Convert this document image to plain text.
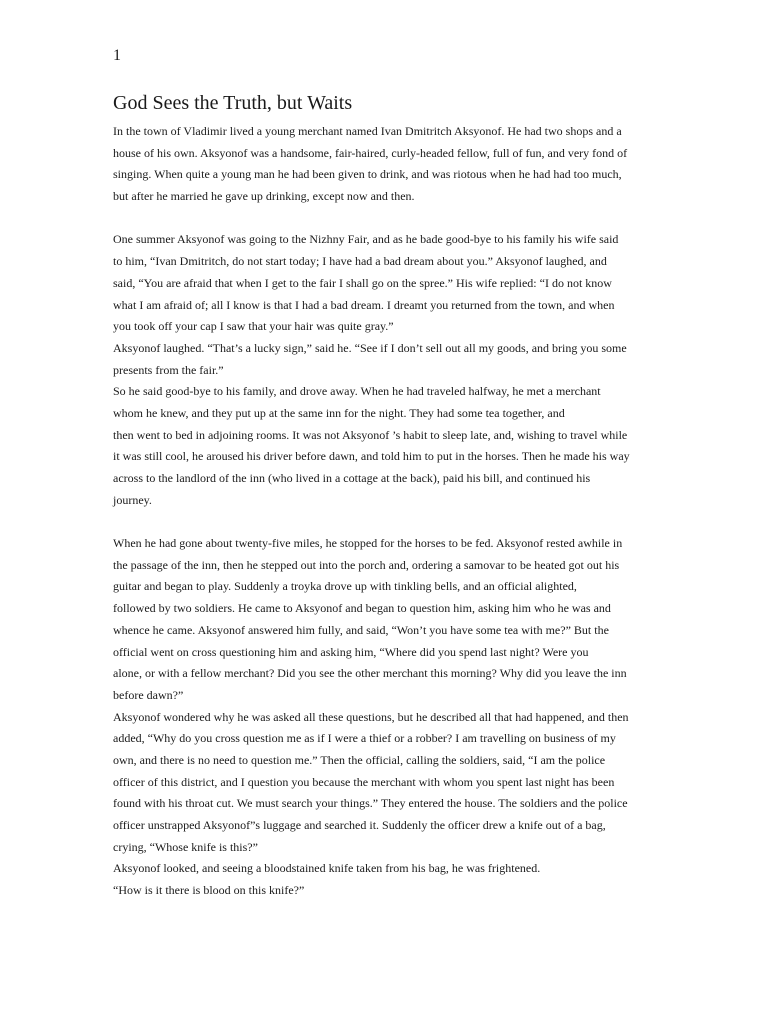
1
God Sees the Truth, but Waits
In the town of Vladimir lived a young merchant named Ivan Dmitritch Aksyonof. He had two shops and a
house of his own. Aksyonof was a handsome, fair-haired, curly-headed fellow, full of fun, and very fond of
singing. When quite a young man he had been given to drink, and was riotous when he had had too much,
but after he married he gave up drinking, except now and then.
One summer Aksyonof was going to the Nizhny Fair, and as he bade good-bye to his family his wife said
to him, “Ivan Dmitritch, do not start today; I have had a bad dream about you.” Aksyonof laughed, and
said, “You are afraid that when I get to the fair I shall go on the spree.” His wife replied: “I do not know
what I am afraid of; all I know is that I had a bad dream. I dreamt you returned from the town, and when
you took off your cap I saw that your hair was quite gray.”
Aksyonof laughed. “That’s a lucky sign,” said he. “See if I don’t sell out all my goods, and bring you some
presents from the fair.”
So he said good-bye to his family, and drove away. When he had traveled halfway, he met a merchant
whom he knew, and they put up at the same inn for the night. They had some tea together, and
then went to bed in adjoining rooms. It was not Aksyonof ’s habit to sleep late, and, wishing to travel while
it was still cool, he aroused his driver before dawn, and told him to put in the horses. Then he made his way
across to the landlord of the inn (who lived in a cottage at the back), paid his bill, and continued his
journey.
When he had gone about twenty-five miles, he stopped for the horses to be fed. Aksyonof rested awhile in
the passage of the inn, then he stepped out into the porch and, ordering a samovar to be heated got out his
guitar and began to play. Suddenly a troyka drove up with tinkling bells, and an official alighted,
followed by two soldiers. He came to Aksyonof and began to question him, asking him who he was and
whence he came. Aksyonof answered him fully, and said, “Won’t you have some tea with me?” But the
official went on cross questioning him and asking him, “Where did you spend last night? Were you
alone, or with a fellow merchant? Did you see the other merchant this morning? Why did you leave the inn
before dawn?”
Aksyonof wondered why he was asked all these questions, but he described all that had happened, and then
added, “Why do you cross question me as if I were a thief or a robber? I am travelling on business of my
own, and there is no need to question me.” Then the official, calling the soldiers, said, “I am the police
officer of this district, and I question you because the merchant with whom you spent last night has been
found with his throat cut. We must search your things.” They entered the house. The soldiers and the police
officer unstrapped Aksyonof”s luggage and searched it. Suddenly the officer drew a knife out of a bag,
crying, “Whose knife is this?”
Aksyonof looked, and seeing a bloodstained knife taken from his bag, he was frightened.
“How is it there is blood on this knife?”
